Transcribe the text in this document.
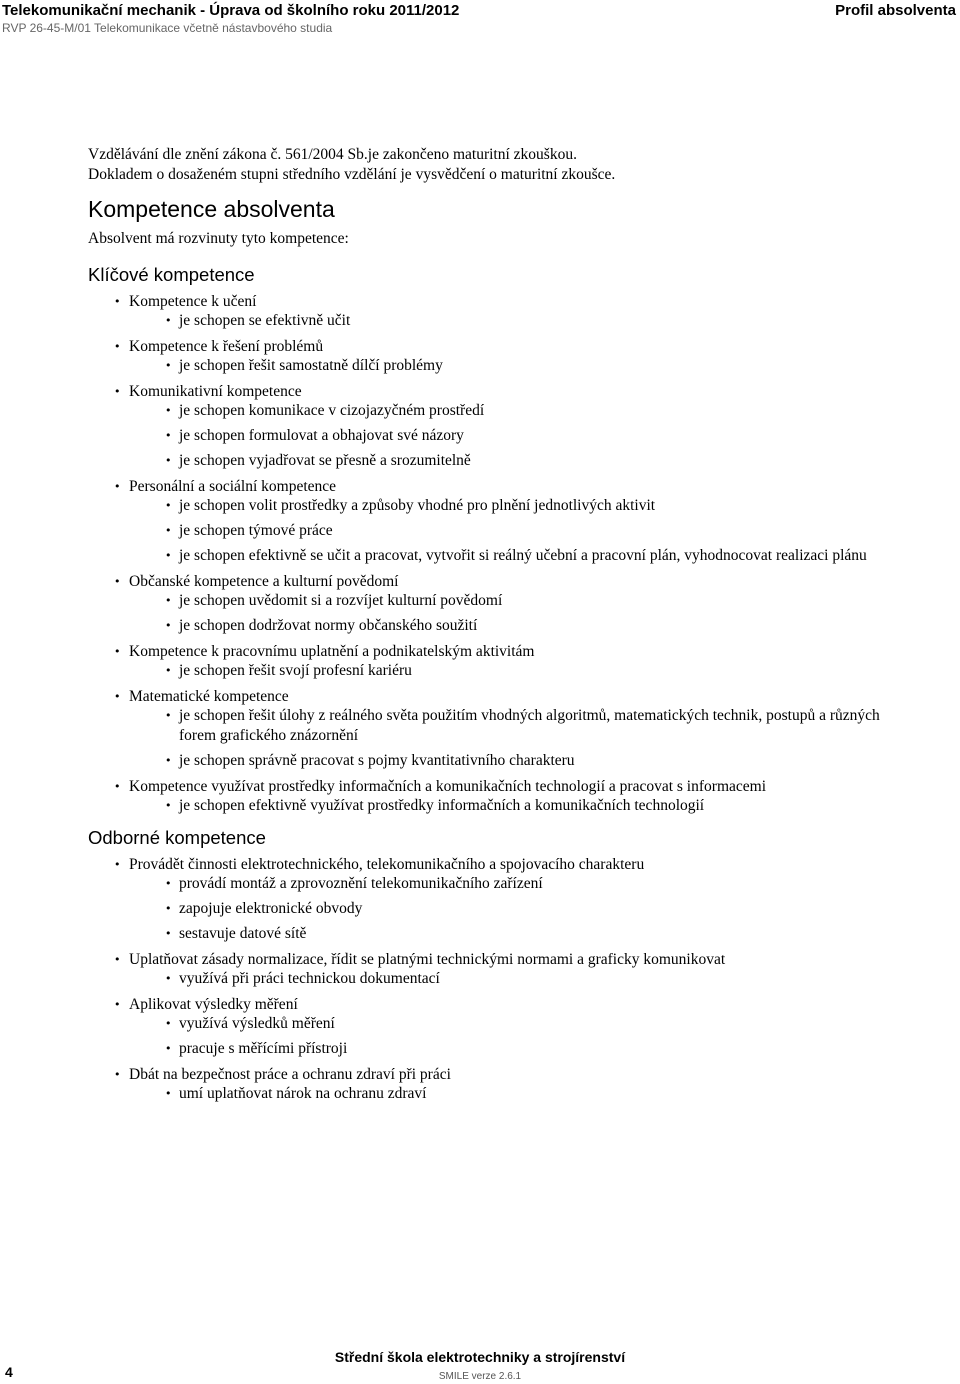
Telekomunikační mechanik - Úprava od školního roku 2011/2012
RVP 26-45-M/01 Telekomunikace včetně nástavbového studia
Profil absolventa

Vzdělávání dle znění zákona č. 561/2004 Sb.je zakončeno maturitní zkouškou.

Dokladem o dosaženém stupni středního vzdělání je vysvědčení o maturitní zkoušce.

Kompetence absolventa

Absolvent má rozvinuty tyto kompetence:

Klíčové kompetence
• Kompetence k učení
• je schopen se efektivně učit
• Kompetence k řešení problémů
• je schopen řešit samostatně dílčí problémy
• Komunikativní kompetence
• je schopen komunikace v cizojazyčném prostředí
• je schopen formulovat a obhajovat své názory
• je schopen vyjadřovat se přesně a srozumitelně
• Personální a sociální kompetence
• je schopen volit prostředky a způsoby vhodné pro plnění jednotlivých aktivit
• je schopen týmové práce
• je schopen efektivně se učit a pracovat, vytvořit si reálný učební a pracovní plán, vyhodnocovat realizaci plánu
• Občanské kompetence a kulturní povědomí
• je schopen uvědomit si a rozvíjet kulturní povědomí
• je schopen dodržovat normy občanského soužití
• Kompetence k pracovnímu uplatnění a podnikatelským aktivitám
• je schopen řešit svojí profesní kariéru
• Matematické kompetence
• je schopen řešit úlohy z reálného světa použitím vhodných algoritmů, matematických technik, postupů a různých forem grafického znázornění
• je schopen správně pracovat s pojmy kvantitativního charakteru
• Kompetence využívat prostředky informačních a komunikačních technologií a pracovat s informacemi
• je schopen efektivně využívat prostředky informačních a komunikačních technologií
Odborné kompetence
• Provádět činnosti elektrotechnického, telekomunikačního a spojovacího charakteru
• provádí montáž a zprovoznění telekomunikačního zařízení
• zapojuje elektronické obvody
• sestavuje datové sítě
• Uplatňovat zásady normalizace, řídit se platnými technickými normami a graficky komunikovat
• využívá při práci technickou dokumentací
• Aplikovat výsledky měření
• využívá výsledků měření
• pracuje s měřícími přístroji
• Dbát na bezpečnost práce a ochranu zdraví při práci
• umí uplatňovat nárok na ochranu zdraví
4
Střední škola elektrotechniky a strojírenství
SMILE verze 2.6.1
